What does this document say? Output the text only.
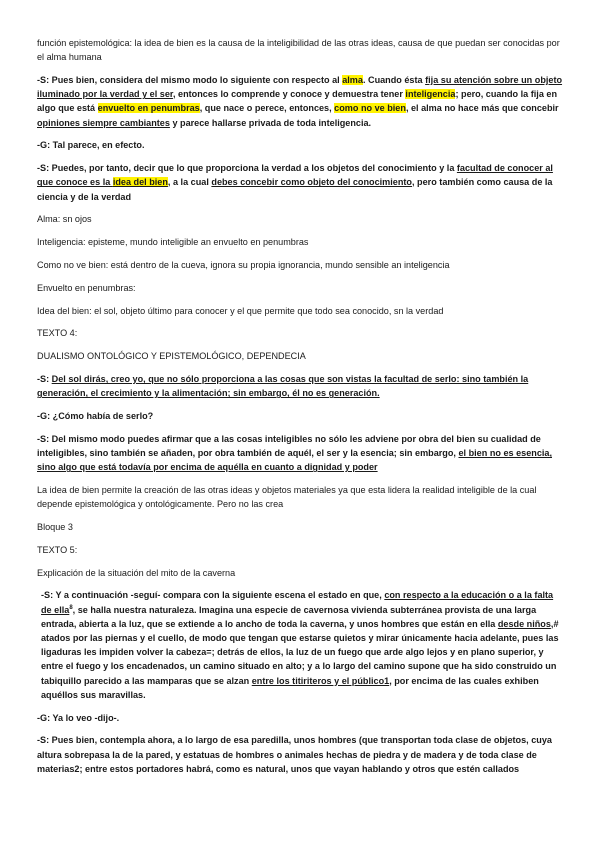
función epistemológica: la idea de bien es la causa de la inteligibilidad de las otras ideas, causa de que puedan ser conocidas por el alma humana

-S: Pues bien, considera del mismo modo lo siguiente con respecto al alma. Cuando ésta fija su atención sobre un objeto iluminado por la verdad y el ser, entonces lo comprende y conoce y demuestra tener inteligencia; pero, cuando la fija en algo que está envuelto en penumbras, que nace o perece, entonces, como no ve bien, el alma no hace más que concebir opiniones siempre cambiantes y parece hallarse privada de toda inteligencia.

-G: Tal parece, en efecto.

-S: Puedes, por tanto, decir que lo que proporciona la verdad a los objetos del conocimiento y la facultad de conocer al que conoce es la idea del bien, a la cual debes concebir como objeto del conocimiento, pero también como causa de la ciencia y de la verdad

Alma: sn ojos

Inteligencia: episteme, mundo inteligible an envuelto en penumbras

Como no ve bien: está dentro de la cueva, ignora su propia ignorancia, mundo sensible an inteligencia

Envuelto en penumbras:

Idea del bien: el sol, objeto último para conocer y el que permite que todo sea conocido, sn la verdad

TEXTO 4:

DUALISMO ONTOLÓGICO Y EPISTEMOLÓGICO, DEPENDECIA

-S: Del sol dirás, creo yo, que no sólo proporciona a las cosas que son vistas la facultad de serlo: sino también la generación, el crecimiento y la alimentación; sin embargo, él no es generación.

-G: ¿Cómo había de serlo?

-S: Del mismo modo puedes afirmar que a las cosas inteligibles no sólo les adviene por obra del bien su cualidad de inteligibles, sino también se añaden, por obra también de aquél, el ser y la esencia; sin embargo, el bien no es esencia, sino algo que está todavía por encima de aquélla en cuanto a dignidad y poder

La idea de bien permite la creación de las otras ideas y objetos materiales ya que esta lidera la realidad inteligible de la cual depende epistemológica y ontológicamente. Pero no las crea

Bloque 3

TEXTO 5:

Explicación de la situación del mito de la caverna

-S: Y a continuación -seguí- compara con la siguiente escena el estado en que, con respecto a la educación o a la falta de ella$^8$, se halla nuestra naturaleza. Imagina una especie de cavernosa vivienda subterránea provista de una larga entrada, abierta a la luz, que se extiende a lo ancho de toda la caverna, y unos hombres que están en ella desde niños,# atados por las piernas y el cuello, de modo que tengan que estarse quietos y mirar únicamente hacia adelante, pues las ligaduras les impiden volver la cabeza=; detrás de ellos, la luz de un fuego que arde algo lejos y en plano superior, y entre el fuego y los encadenados, un camino situado en alto; y a lo largo del camino supone que ha sido construido un tabiquillo parecido a las mamparas que se alzan entre los titiriteros y el público1, por encima de las cuales exhiben aquéllos sus maravillas.

-G: Ya lo veo -dijo-.

-S: Pues bien, contempla ahora, a lo largo de esa paredilla, unos hombres (que transportan toda clase de objetos, cuya altura sobrepasa la de la pared, y estatuas de hombres o animales hechas de piedra y de madera y de toda clase de materias2; entre estos portadores habrá, como es natural, unos que vayan hablando y otros que estén callados
